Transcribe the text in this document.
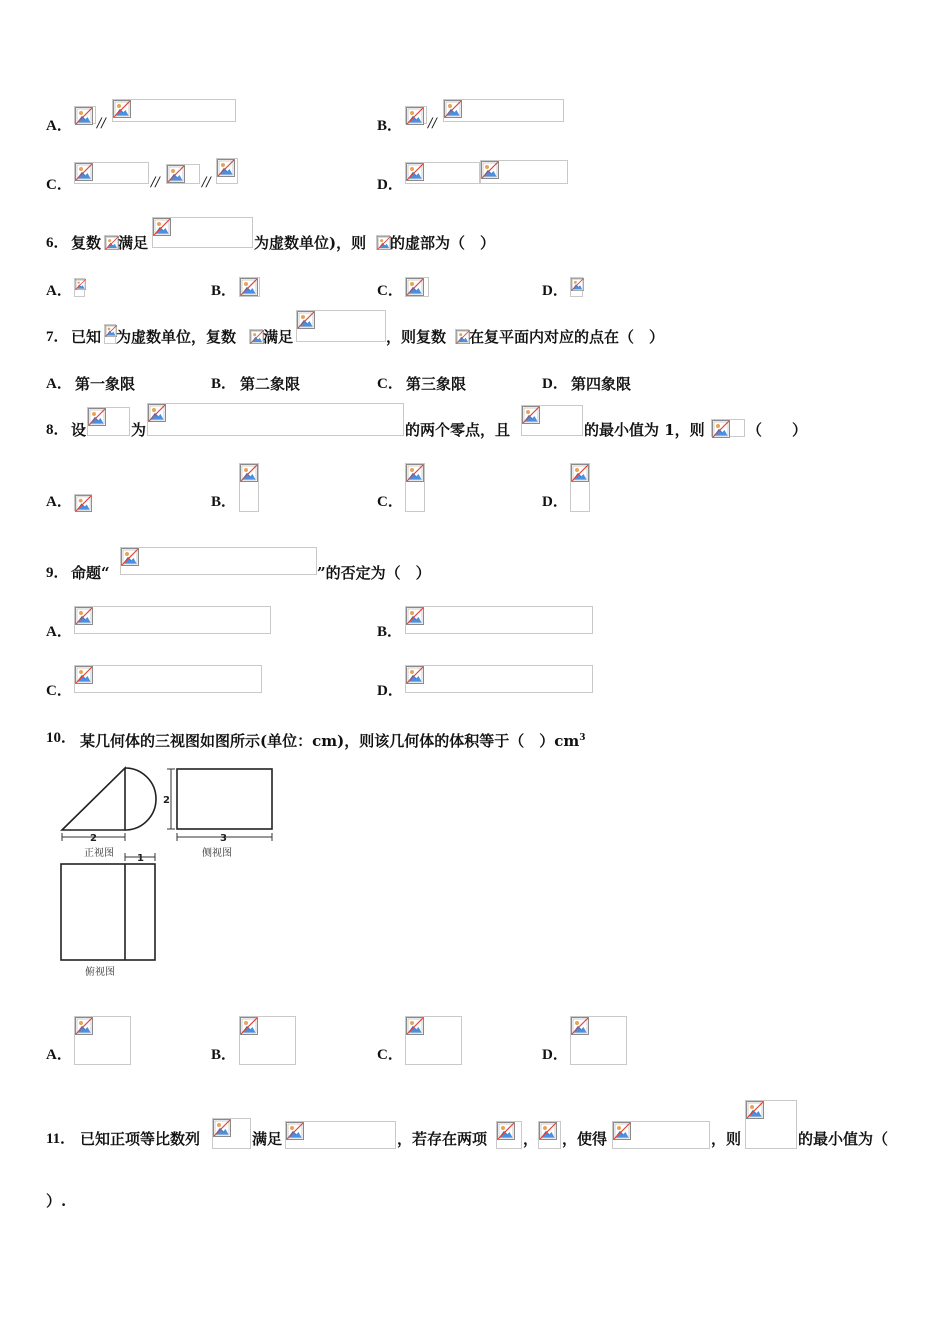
A． //	B． //
C．	//	//	D．
6． 复数 满足	为虚数单位)，则 的虚部为（　）
A．	B．	C．	D．
7． 已知 为虚数单位，复数 满足	，则复数 在复平面内对应的点在（　）
A． 第一象限	B． 第二象限	C． 第三象限	D． 第四象限
8． 设	为	的两个零点，且	的最小值为 1，则	（　　）
A．	B．	C．	D．
9． 命题“	”的否定为（　）
A．	B．
C．	D．
10． 某几何体的三视图如图所示(单位：cm)，则该几何体的体积等于（　）$cm^3$
2
2
3
1
正视图	侧视图
俯视图
A．	B．	C．	D．
11． 已知正项等比数列	满足	，若存在两项 ， ，使得	，则	的最小值为（
）.
